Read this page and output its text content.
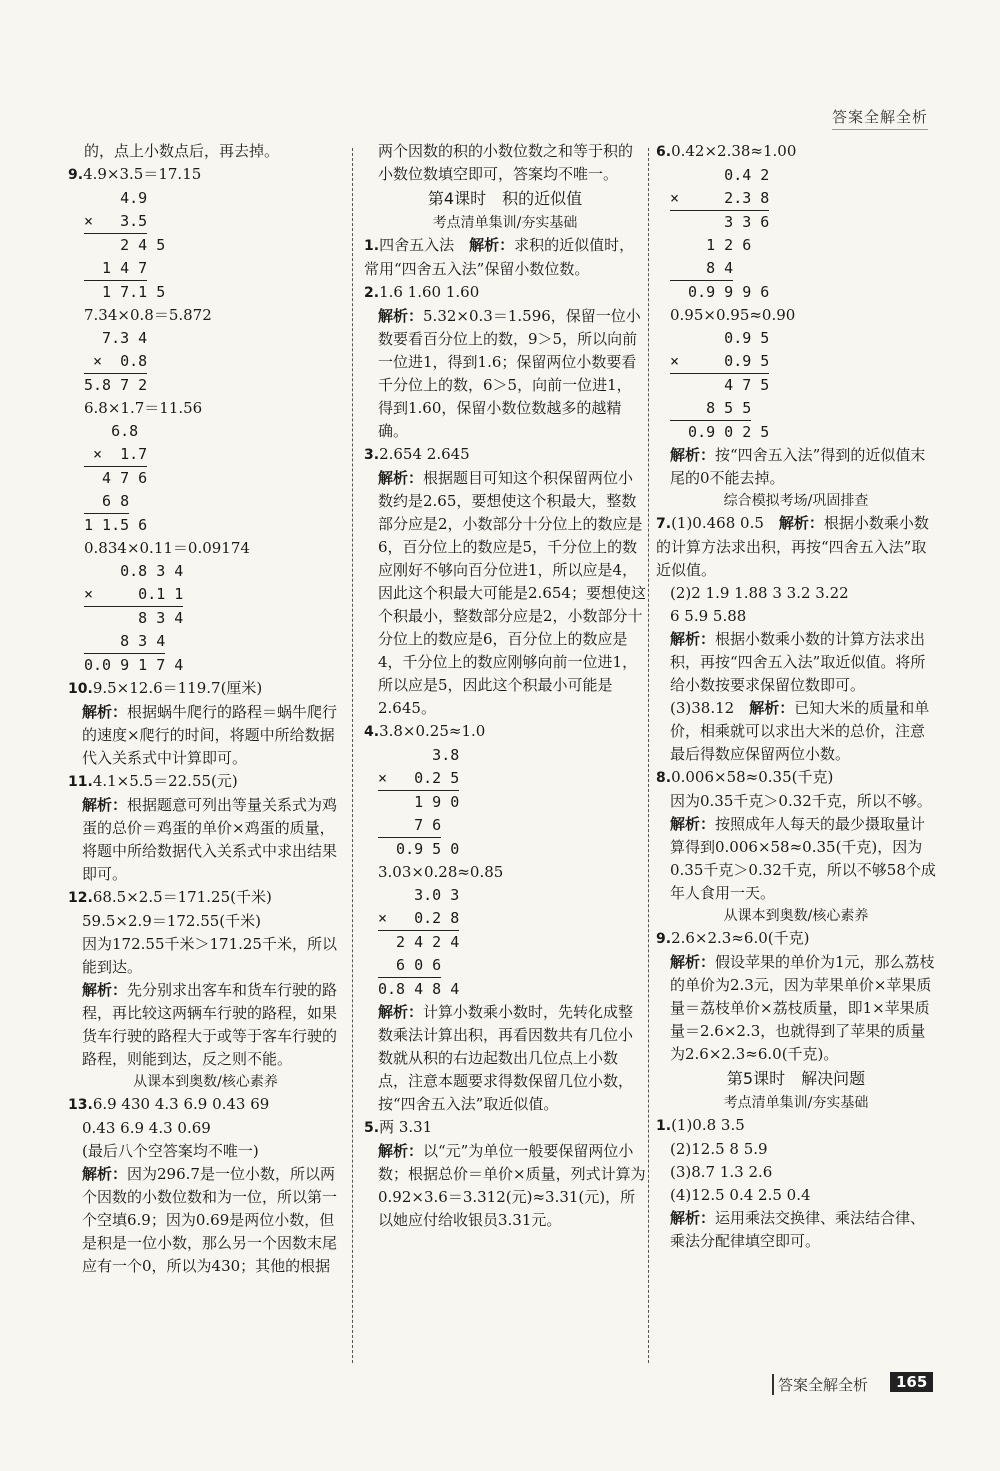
答案全解全析
的，点上小数点后，再去掉。
9.4.9×3.5＝17.15
4.9
×   3.5
2 4 5
1 4 7
1 7.1 5
7.34×0.8＝5.872
7.3 4
×  0.8
5.8 7 2
6.8×1.7＝11.56
6.8
×  1.7
4 7 6
6 8
1 1.5 6
0.834×0.11＝0.09174
0.8 3 4
×     0.1 1
8 3 4
8 3 4
0.0 9 1 7 4
10.9.5×12.6＝119.7(厘米)
解析：根据蜗牛爬行的路程＝蜗牛爬行的速度×爬行的时间，将题中所给数据代入关系式中计算即可。
11.4.1×5.5＝22.55(元)
解析：根据题意可列出等量关系式为鸡蛋的总价＝鸡蛋的单价×鸡蛋的质量，将题中所给数据代入关系式中求出结果即可。
12.68.5×2.5＝171.25(千米)
59.5×2.9＝172.55(千米)
因为172.55千米＞171.25千米，所以能到达。
解析：先分别求出客车和货车行驶的路程，再比较这两辆车行驶的路程，如果货车行驶的路程大于或等于客车行驶的路程，则能到达，反之则不能。
从课本到奥数/核心素养
13.6.9 430 4.3 6.9 0.43 69
0.43 6.9 4.3 0.69
(最后八个空答案均不唯一)
解析：因为296.7是一位小数，所以两个因数的小数位数和为一位，所以第一个空填6.9；因为0.69是两位小数，但是积是一位小数，那么另一个因数末尾应有一个0，所以为430；其他的根据
两个因数的积的小数位数之和等于积的小数位数填空即可，答案均不唯一。
第4课时　积的近似值
考点清单集训/夯实基础
1.四舍五入法　 解析：求积的近似值时，常用“四舍五入法”保留小数位数。
2.1.6 1.60 1.60
解析：5.32×0.3＝1.596，保留一位小数要看百分位上的数，9＞5，所以向前一位进1，得到1.6；保留两位小数要看千分位上的数，6＞5，向前一位进1，得到1.60，保留小数位数越多的越精确。
3.2.654 2.645
解析：根据题目可知这个积保留两位小数约是2.65，要想使这个积最大，整数部分应是2，小数部分十分位上的数应是6，百分位上的数应是5，千分位上的数应刚好不够向百分位进1，所以应是4，因此这个积最大可能是2.654；要想使这个积最小，整数部分应是2，小数部分十分位上的数应是6，百分位上的数应是4，千分位上的数应刚够向前一位进1，所以应是5，因此这个积最小可能是2.645。
4.3.8×0.25≈1.0
3.8
×   0.2 5
1 9 0
7 6
0.9 5 0
3.03×0.28≈0.85
3.0 3
×   0.2 8
2 4 2 4
6 0 6
0.8 4 8 4
解析：计算小数乘小数时，先转化成整数乘法计算出积，再看因数共有几位小数就从积的右边起数出几位点上小数点，注意本题要求得数保留几位小数，按“四舍五入法”取近似值。
5.两 3.31
解析：以“元”为单位一般要保留两位小数；根据总价＝单价×质量，列式计算为0.92×3.6＝3.312(元)≈3.31(元)，所以她应付给收银员3.31元。
6.0.42×2.38≈1.00
0.4 2
×     2.3 8
3 3 6
1 2 6
8 4
0.9 9 9 6
0.95×0.95≈0.90
0.9 5
×     0.9 5
4 7 5
8 5 5
0.9 0 2 5
解析：按“四舍五入法”得到的近似值末尾的0不能去掉。
综合模拟考场/巩固排查
7.(1)0.468 0.5　 解析：根据小数乘小数的计算方法求出积，再按“四舍五入法”取近似值。
(2)2 1.9 1.88 3 3.2 3.22
6 5.9 5.88
解析：根据小数乘小数的计算方法求出积，再按“四舍五入法”取近似值。将所给小数按要求保留位数即可。
(3)38.12　 解析：已知大米的质量和单价，相乘就可以求出大米的总价，注意最后得数应保留两位小数。
8.0.006×58≈0.35(千克)
因为0.35千克＞0.32千克，所以不够。
解析：按照成年人每天的最少摄取量计算得到0.006×58≈0.35(千克)，因为0.35千克＞0.32千克，所以不够58个成年人食用一天。
从课本到奥数/核心素养
9.2.6×2.3≈6.0(千克)
解析：假设苹果的单价为1元，那么荔枝的单价为2.3元，因为苹果单价×苹果质量＝荔枝单价×荔枝质量，即1×苹果质量＝2.6×2.3，也就得到了苹果的质量为2.6×2.3≈6.0(千克)。
第5课时　解决问题
考点清单集训/夯实基础
1.(1)0.8 3.5
(2)12.5 8 5.9
(3)8.7 1.3 2.6
(4)12.5 0.4 2.5 0.4
解析：运用乘法交换律、乘法结合律、乘法分配律填空即可。
答案全解全析	165
